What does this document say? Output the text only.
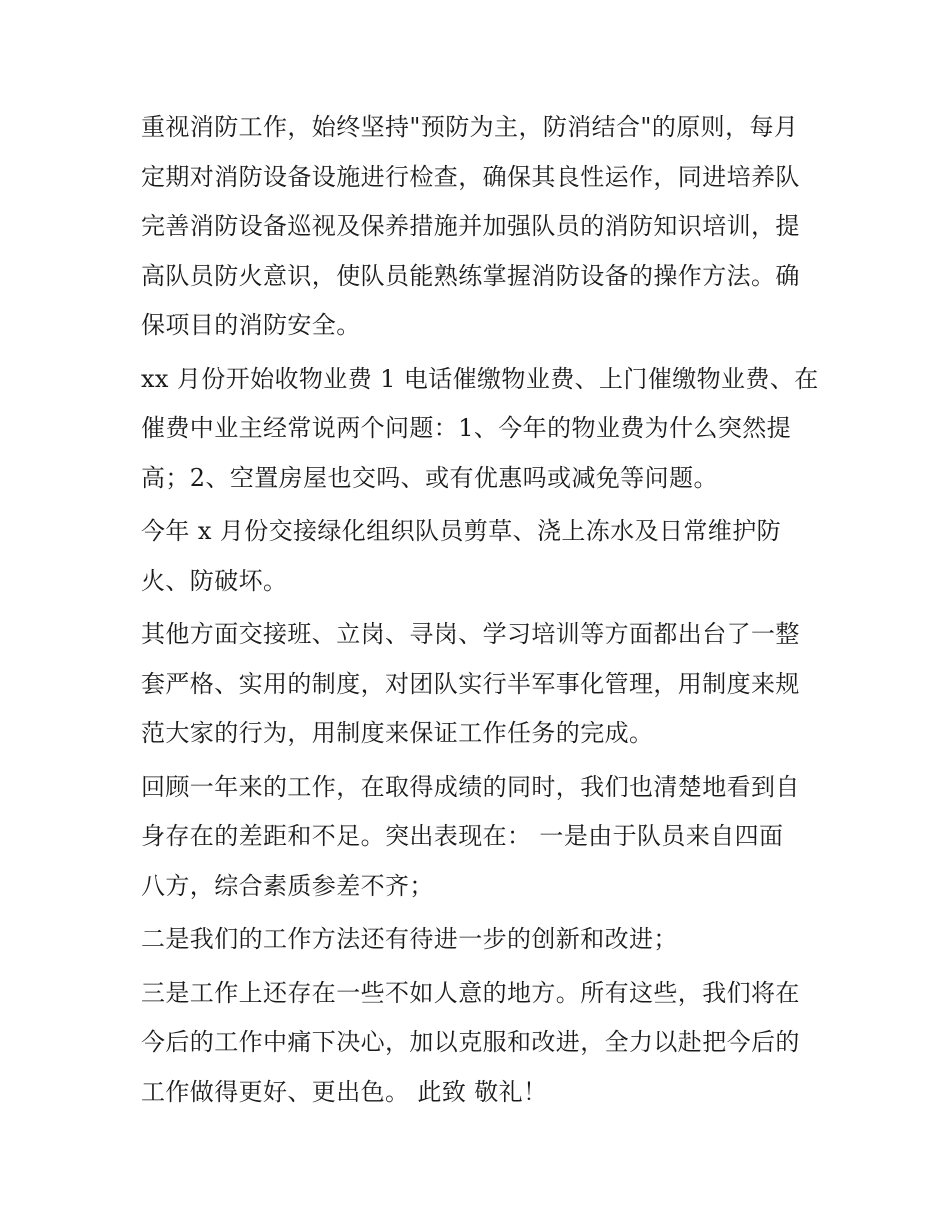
重视消防工作，始终坚持"预防为主，防消结合"的原则，每月
定期对消防设备设施进行检查，确保其良性运作，同进培养队
完善消防设备巡视及保养措施并加强队员的消防知识培训，提
高队员防火意识，使队员能熟练掌握消防设备的操作方法。确
保项目的消防安全。

xx 月份开始收物业费 1 电话催缴物业费、上门催缴物业费、在
催费中业主经常说两个问题：1、今年的物业费为什么突然提
高；2、空置房屋也交吗、或有优惠吗或减免等问题。

今年 x 月份交接绿化组织队员剪草、浇上冻水及日常维护防
火、防破坏。

其他方面交接班、立岗、寻岗、学习培训等方面都出台了一整
套严格、实用的制度，对团队实行半军事化管理，用制度来规
范大家的行为，用制度来保证工作任务的完成。

回顾一年来的工作，在取得成绩的同时，我们也清楚地看到自
身存在的差距和不足。突出表现在： 一是由于队员来自四面
八方，综合素质参差不齐；

二是我们的工作方法还有待进一步的创新和改进；

三是工作上还存在一些不如人意的地方。所有这些，我们将在
今后的工作中痛下决心，加以克服和改进，全力以赴把今后的
工作做得更好、更出色。 此致 敬礼！
